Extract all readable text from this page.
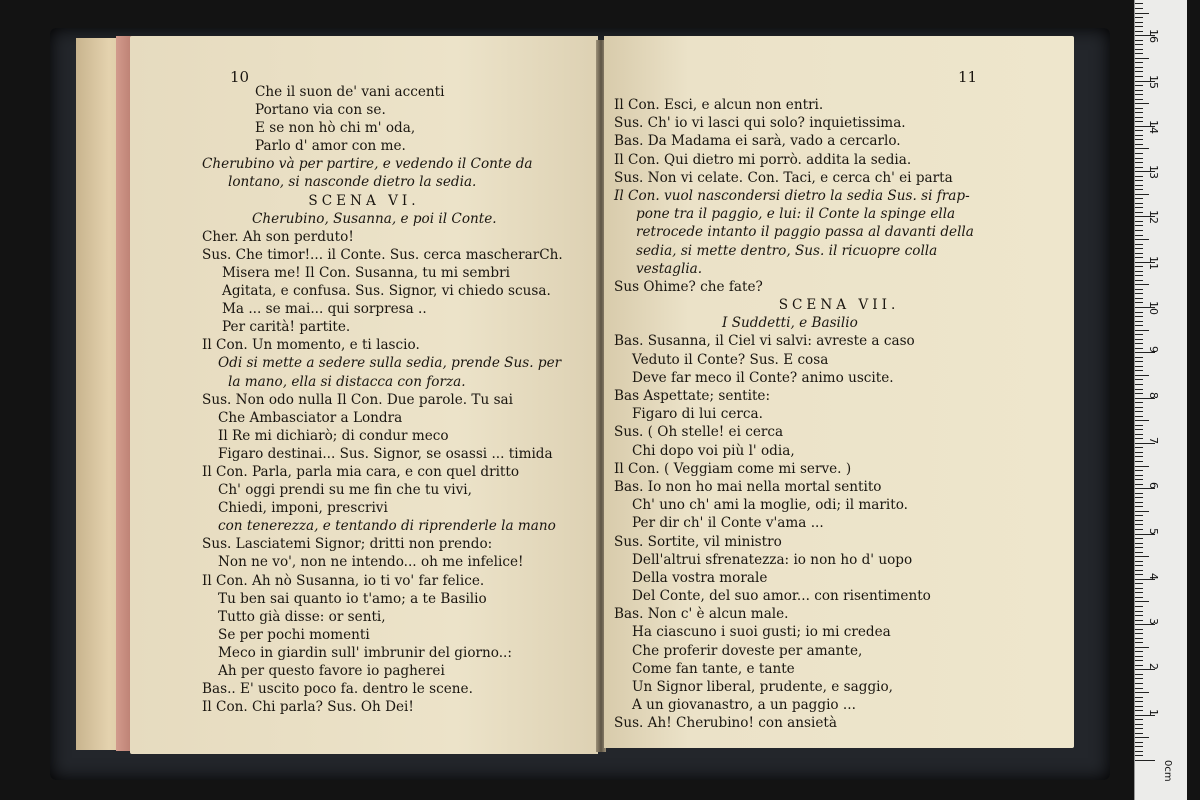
10
Che il suon de' vani accenti
Portano via con se.
E se non hò chi m' oda,
Parlo d' amor con me.
Cherubino và per partire, e vedendo il Conte da
lontano, si nasconde dietro la sedia.
SCENA VI.
Cherubino, Susanna, e poi il Conte.
Cher. Ah son perduto!
Sus. Che timor!... il Conte. Sus. cerca mascherarCh.
Misera me! Il Con. Susanna, tu mi sembri
Agitata, e confusa. Sus. Signor, vi chiedo scusa.
Ma ... se mai... qui sorpresa ..
Per carità! partite.
Il Con. Un momento, e ti lascio.
Odi si mette a sedere sulla sedia, prende Sus. per
la mano, ella si distacca con forza.
Sus. Non odo nulla Il Con. Due parole. Tu sai
Che Ambasciator a Londra
Il Re mi dichiarò; di condur meco
Figaro destinai... Sus. Signor, se osassi ... timida
Il Con. Parla, parla mia cara, e con quel dritto
Ch' oggi prendi su me fin che tu vivi,
Chiedi, imponi, prescrivi
con tenerezza, e tentando di riprenderle la mano
Sus. Lasciatemi Signor; dritti non prendo:
Non ne vo', non ne intendo... oh me infelice!
Il Con. Ah nò Susanna, io ti vo' far felice.
Tu ben sai quanto io t'amo; a te Basilio
Tutto già disse: or senti,
Se per pochi momenti
Meco in giardin sull' imbrunir del giorno..:
Ah per questo favore io pagherei
Bas.. E' uscito poco fa. dentro le scene.
Il Con. Chi parla? Sus. Oh Dei!
11
Il Con. Esci, e alcun non entri.
Sus. Ch' io vi lasci qui solo? inquietissima.
Bas. Da Madama ei sarà, vado a cercarlo.
Il Con. Qui dietro mi porrò. addita la sedia.
Sus. Non vi celate. Con. Taci, e cerca ch' ei parta
Il Con. vuol nascondersi dietro la sedia Sus. si frap-
pone tra il paggio, e lui: il Conte la spinge ella
retrocede intanto il paggio passa al davanti della
sedia, si mette dentro, Sus. il ricuopre colla
vestaglia.
Sus Ohime? che fate?
SCENA VII.
I Suddetti, e Basilio
Bas. Susanna, il Ciel vi salvi: avreste a caso
Veduto il Conte? Sus. E cosa
Deve far meco il Conte? animo uscite.
Bas Aspettate; sentite:
Figaro di lui cerca.
Sus. ( Oh stelle! ei cerca
Chi dopo voi più l' odia,
Il Con. ( Veggiam come mi serve. )
Bas. Io non ho mai nella mortal sentito
Ch' uno ch' ami la moglie, odi; il marito.
Per dir ch' il Conte v'ama ...
Sus. Sortite, vil ministro
Dell'altrui sfrenatezza: io non ho d' uopo
Della vostra morale
Del Conte, del suo amor... con risentimento
Bas. Non c' è alcun male.
Ha ciascuno i suoi gusti; io mi credea
Che proferir doveste per amante,
Come fan tante, e tante
Un Signor liberal, prudente, e saggio,
A un giovanastro, a un paggio ...
Sus. Ah! Cherubino! con ansietà
0cm
1
2
3
4
5
6
7
8
9
10
11
12
13
14
15
16
